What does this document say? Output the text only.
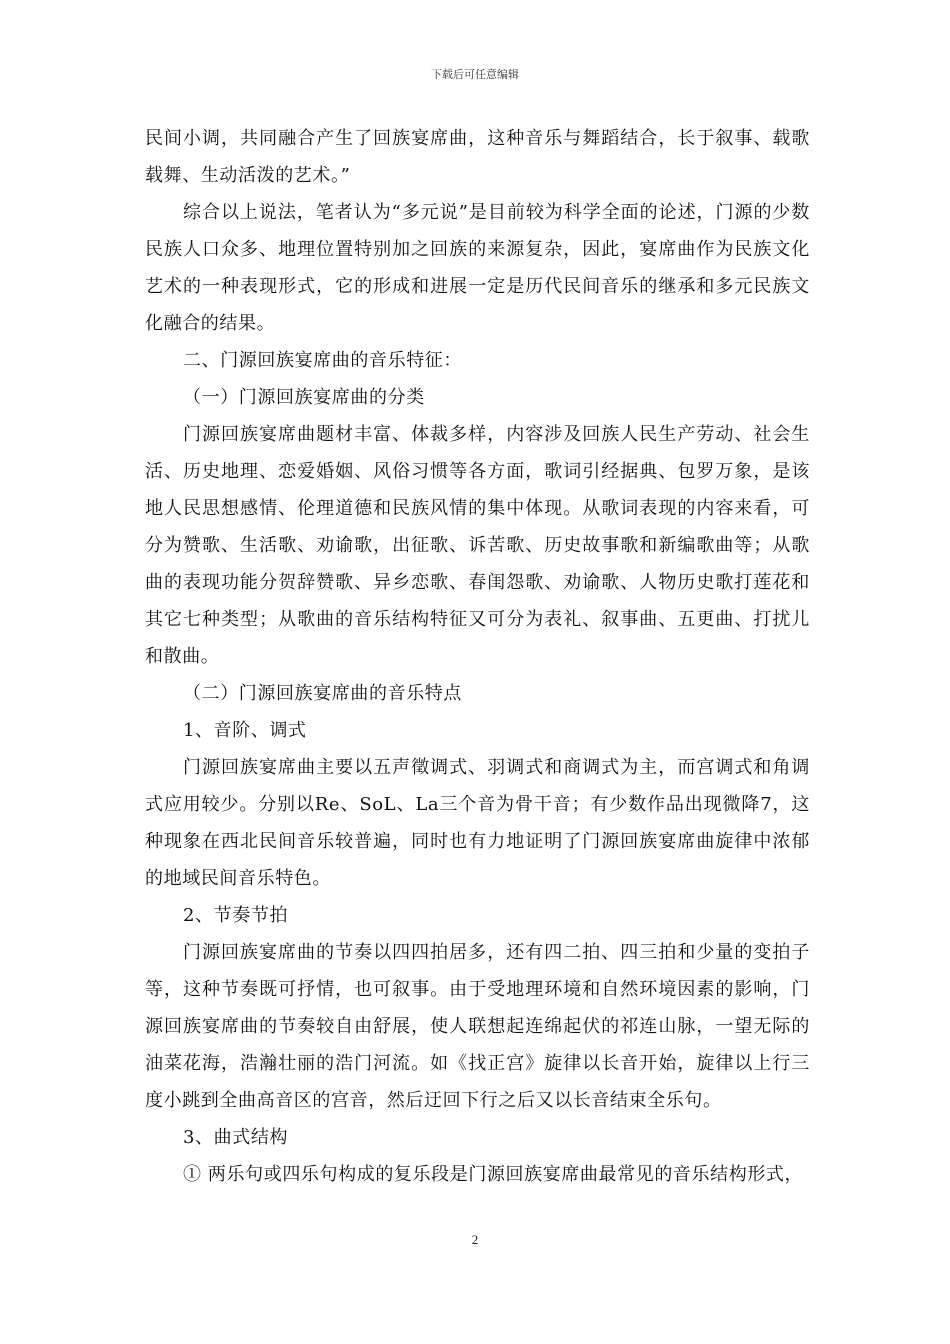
下载后可任意编辑

民间小调，共同融合产生了回族宴席曲，这种音乐与舞蹈结合，长于叙事、载歌载舞、生动活泼的艺术。”

综合以上说法，笔者认为“多元说”是目前较为科学全面的论述，门源的少数民族人口众多、地理位置特别加之回族的来源复杂，因此，宴席曲作为民族文化艺术的一种表现形式，它的形成和进展一定是历代民间音乐的继承和多元民族文化融合的结果。

二、门源回族宴席曲的音乐特征：

（一）门源回族宴席曲的分类

门源回族宴席曲题材丰富、体裁多样，内容涉及回族人民生产劳动、社会生活、历史地理、恋爱婚姻、风俗习惯等各方面，歌词引经据典、包罗万象，是该地人民思想感情、伦理道德和民族风情的集中体现。从歌词表现的内容来看，可分为赞歌、生活歌、劝谕歌，出征歌、诉苦歌、历史故事歌和新编歌曲等；从歌曲的表现功能分贺辞赞歌、异乡恋歌、春闺怨歌、劝谕歌、人物历史歌打莲花和其它七种类型；从歌曲的音乐结构特征又可分为表礼、叙事曲、五更曲、打扰儿和散曲。

（二）门源回族宴席曲的音乐特点

1、音阶、调式

门源回族宴席曲主要以五声徵调式、羽调式和商调式为主，而宫调式和角调式应用较少。分别以Re、SoL、La三个音为骨干音；有少数作品出现微降7，这种现象在西北民间音乐较普遍，同时也有力地证明了门源回族宴席曲旋律中浓郁的地域民间音乐特色。

2、节奏节拍

门源回族宴席曲的节奏以四四拍居多，还有四二拍、四三拍和少量的变拍子等，这种节奏既可抒情，也可叙事。由于受地理环境和自然环境因素的影响，门源回族宴席曲的节奏较自由舒展，使人联想起连绵起伏的祁连山脉，一望无际的油菜花海，浩瀚壮丽的浩门河流。如《找正宫》旋律以长音开始，旋律以上行三度小跳到全曲高音区的宫音，然后迂回下行之后又以长音结束全乐句。

3、曲式结构

① 两乐句或四乐句构成的复乐段是门源回族宴席曲最常见的音乐结构形式，

2
